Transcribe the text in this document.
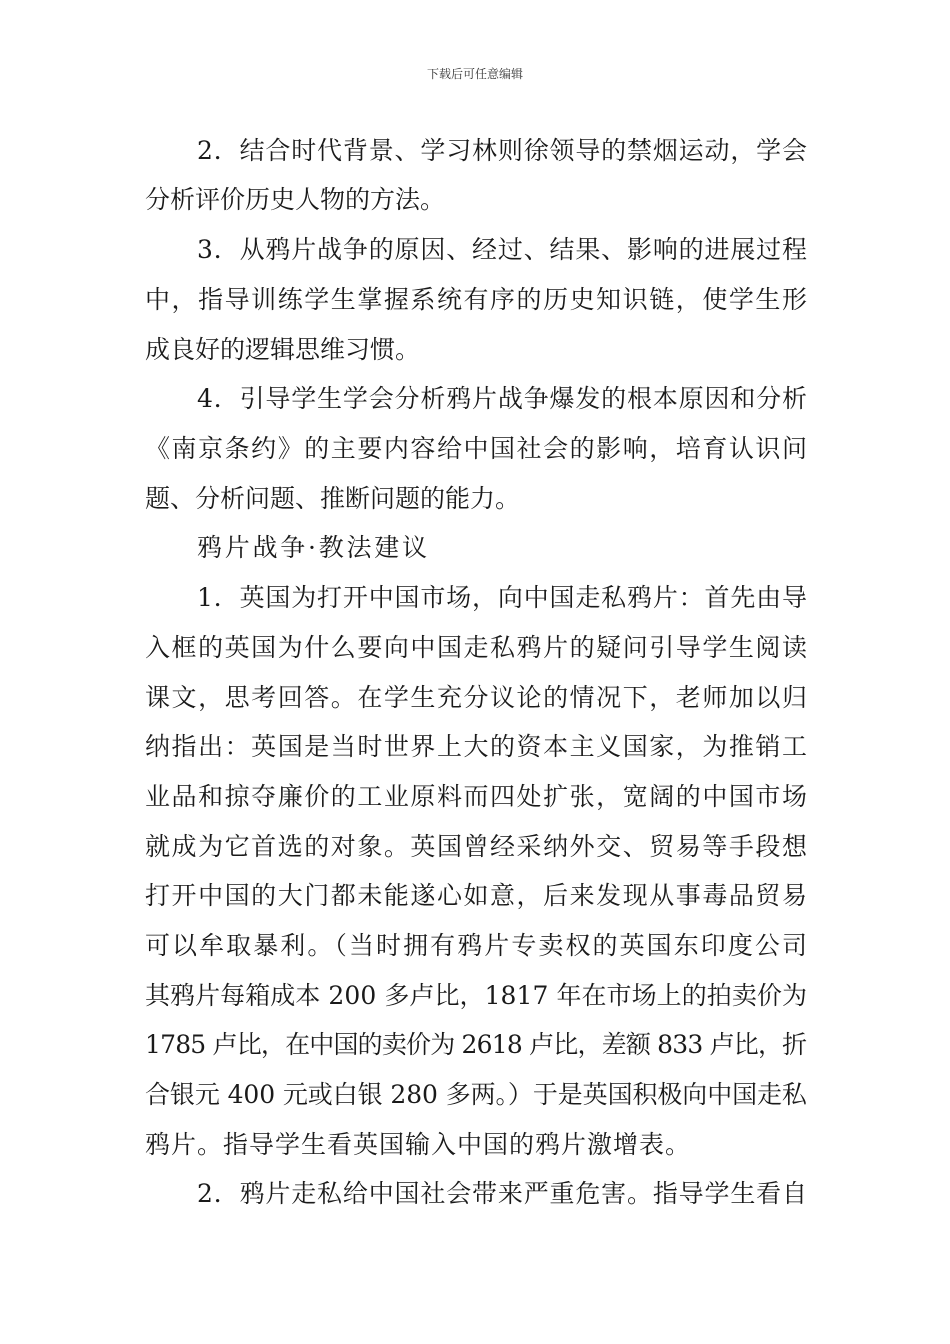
下载后可任意编辑
2．结合时代背景、学习林则徐领导的禁烟运动，学会
分析评价历史人物的方法。
3．从鸦片战争的原因、经过、结果、影响的进展过程
中，指导训练学生掌握系统有序的历史知识链，使学生形
成良好的逻辑思维习惯。
4．引导学生学会分析鸦片战争爆发的根本原因和分析
《南京条约》的主要内容给中国社会的影响，培育认识问
题、分析问题、推断问题的能力。
鸦片战争·教法建议
1．英国为打开中国市场，向中国走私鸦片：首先由导
入框的英国为什么要向中国走私鸦片的疑问引导学生阅读
课文，思考回答。在学生充分议论的情况下，老师加以归
纳指出：英国是当时世界上大的资本主义国家，为推销工
业品和掠夺廉价的工业原料而四处扩张，宽阔的中国市场
就成为它首选的对象。英国曾经采纳外交、贸易等手段想
打开中国的大门都未能遂心如意，后来发现从事毒品贸易
可以牟取暴利。（当时拥有鸦片专卖权的英国东印度公司
其鸦片每箱成本 200 多卢比，1817 年在市场上的拍卖价为
1785 卢比，在中国的卖价为 2618 卢比，差额 833 卢比，折
合银元 400 元或白银 280 多两。）于是英国积极向中国走私
鸦片。指导学生看英国输入中国的鸦片激增表。
2．鸦片走私给中国社会带来严重危害。指导学生看自
